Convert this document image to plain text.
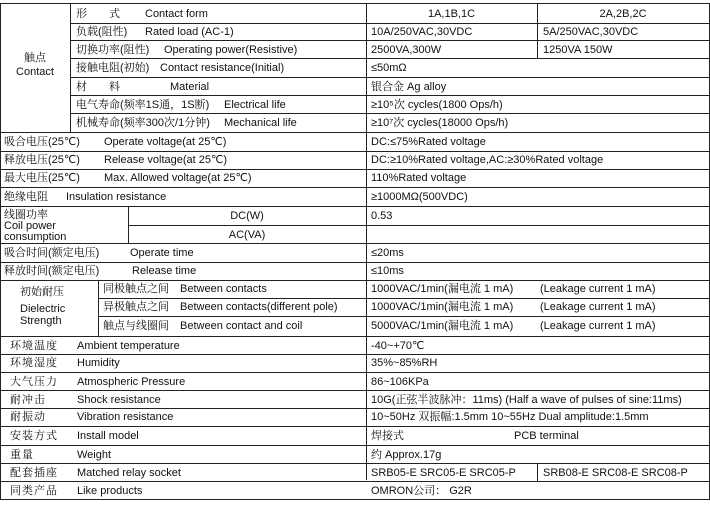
触点
Contact
形　　式 Contact form	1A,1B,1C	2A,2B,2C
负载(阻性) Rated load (AC-1)	10A/250VAC,30VDC	5A/250VAC,30VDC
切换功率(阻性) Operating power(Resistive)	2500VA,300W	1250VA 150W
接触电阻(初始) Contact resistance(Initial)	≤50mΩ
材　　料	Material	银合金 Ag alloy
电气寿命(频率1S通，1S断) Electrical life	≥10⁵次 cycles(1800 Ops/h)
机械寿命(频率300次/1分钟) Mechanical life	≥10⁷次 cycles(18000 Ops/h)
吸合电压(25℃) Operate voltage(at 25℃)	DC:≤75%Rated voltage
释放电压(25℃) Release voltage(at 25℃)	DC:≥10%Rated voltage,AC:≥30%Rated voltage
最大电压(25℃) Max. Allowed voltage(at 25℃)	110%Rated voltage
绝缘电阻 Insulation resistance	≥1000MΩ(500VDC)
线圈功率
Coil power
consumption
DC(W)	0.53
AC(VA)
吸合时间(额定电压)	Operate time	≤20ms
释放时间(额定电压)	Release time	≤10ms
初始耐压
Dielectric
Strength
同极触点之间 Between contacts	1000VAC/1min(漏电流 1 mA) (Leakage current 1 mA)
异极触点之间 Between contacts(different pole)	1000VAC/1min(漏电流 1 mA) (Leakage current 1 mA)
触点与线圈间 Between contact and coil	5000VAC/1min(漏电流 1 mA) (Leakage current 1 mA)
环境温度 Ambient temperature	-40~+70℃
环境湿度 Humidity	35%~85%RH
大气压力 Atmospheric Pressure	86~106KPa
耐冲击	Shock resistance	10G(正弦半波脉冲：11ms) (Half a wave of pulses of sine:11ms)
耐振动	Vibration resistance	10~50Hz 双振幅:1.5mm 10~55Hz Dual amplitude:1.5mm
安装方式 Install model	焊接式	PCB terminal
重量	Weight	约 Approx.17g
配套插座 Matched relay socket	SRB05-E SRC05-E SRC05-P SRB08-E SRC08-E SRC08-P
同类产品 Like products	OMRON公司： G2R
